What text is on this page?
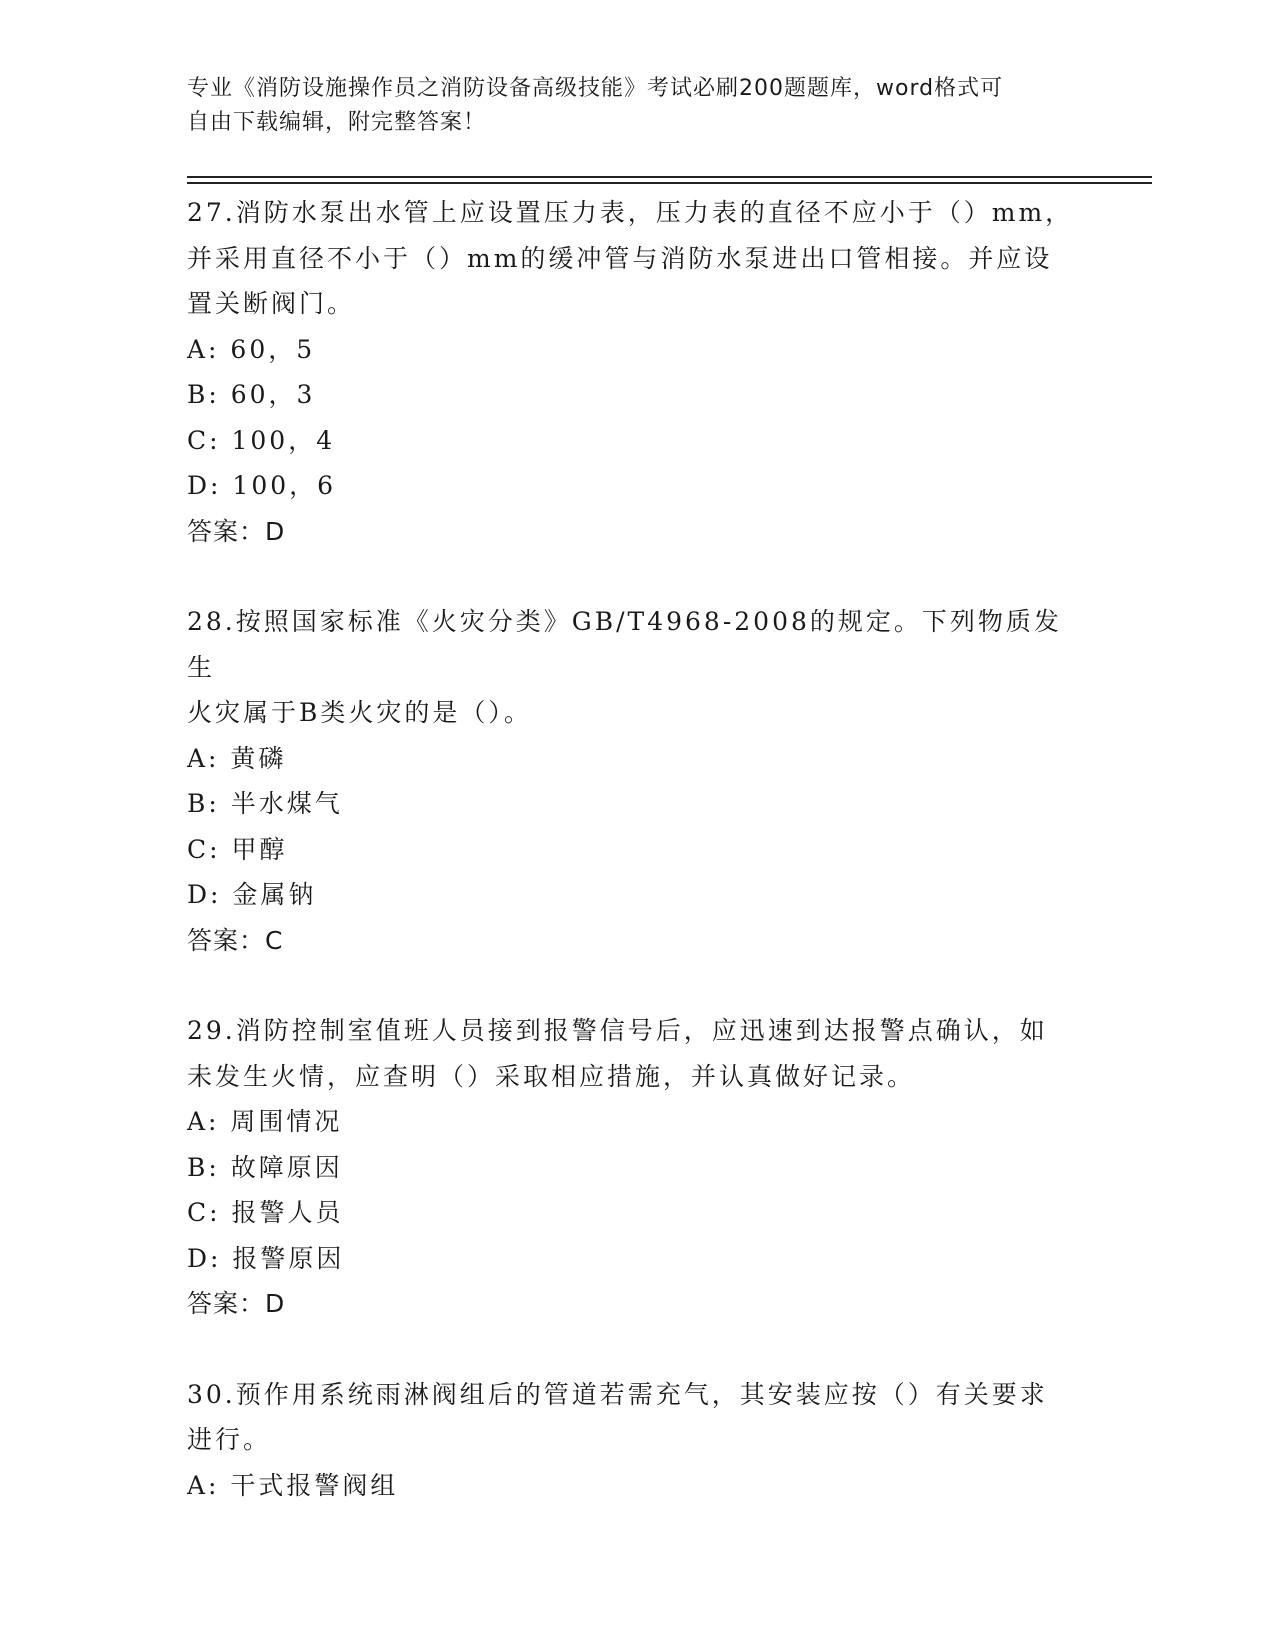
专业《消防设施操作员之消防设备高级技能》考试必刷200题题库，word格式可
自由下载编辑，附完整答案！
27.消防水泵出水管上应设置压力表，压力表的直径不应小于（）mm，
并采用直径不小于（）mm的缓冲管与消防水泵进出口管相接。并应设
置关断阀门。
A: 60，5
B: 60，3
C: 100，4
D: 100，6
答案：D
28.按照国家标准《火灾分类》GB/T4968-2008的规定。下列物质发生
火灾属于B类火灾的是（）。
A: 黄磷
B: 半水煤气
C: 甲醇
D: 金属钠
答案：C
29.消防控制室值班人员接到报警信号后，应迅速到达报警点确认，如
未发生火情，应查明（）采取相应措施，并认真做好记录。
A: 周围情况
B: 故障原因
C: 报警人员
D: 报警原因
答案：D
30.预作用系统雨淋阀组后的管道若需充气，其安装应按（）有关要求
进行。
A: 干式报警阀组
